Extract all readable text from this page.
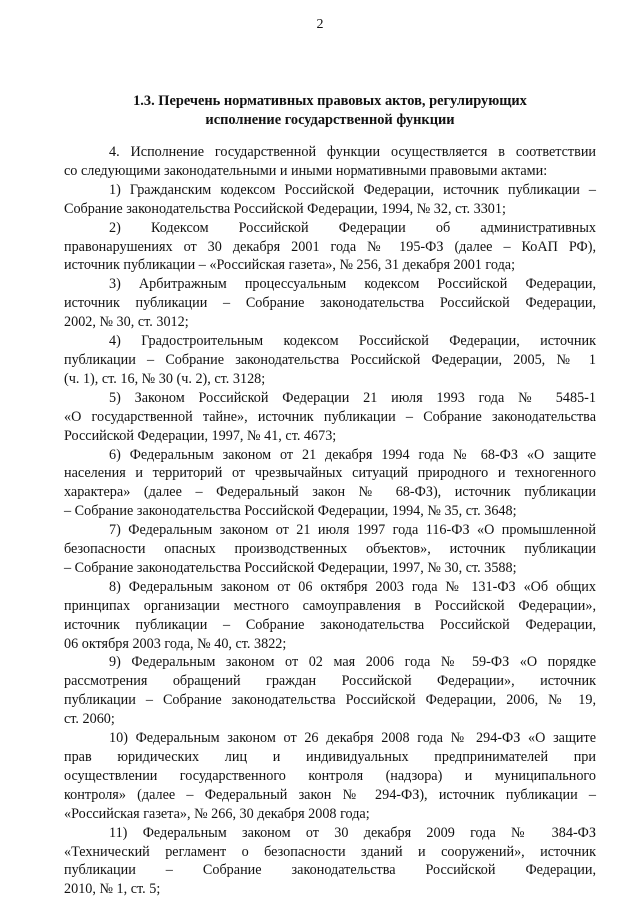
2
1.3. Перечень нормативных правовых актов, регулирующих
исполнение государственной функции

4. Исполнение государственной функции осуществляется в соответствии

со следующими законодательными и иными нормативными правовыми актами:

1) Гражданским кодексом Российской Федерации, источник публикации –

Собрание законодательства Российской Федерации, 1994, № 32, ст. 3301;

2) Кодексом Российской Федерации об административных

правонарушениях от 30 декабря 2001 года № 195-ФЗ (далее – КоАП РФ),

источник публикации – «Российская газета», № 256, 31 декабря 2001 года;

3) Арбитражным процессуальным кодексом Российской Федерации,

источник публикации – Собрание законодательства Российской Федерации,

2002, № 30, ст. 3012;

4) Градостроительным кодексом Российской Федерации, источник

публикации – Собрание законодательства Российской Федерации, 2005, № 1

(ч. 1), ст. 16, № 30 (ч. 2), ст. 3128;

5) Законом Российской Федерации 21 июля 1993 года № 5485-1

«О государственной тайне», источник публикации – Собрание законодательства

Российской Федерации, 1997, № 41, ст. 4673;

6) Федеральным законом от 21 декабря 1994 года № 68-ФЗ «О защите

населения и территорий от чрезвычайных ситуаций природного и техногенного

характера» (далее – Федеральный закон № 68-ФЗ), источник публикации

– Собрание законодательства Российской Федерации, 1994, № 35, ст. 3648;

7) Федеральным законом от 21 июля 1997 года 116-ФЗ «О промышленной

безопасности опасных производственных объектов», источник публикации

– Собрание законодательства Российской Федерации, 1997, № 30, ст. 3588;

8) Федеральным законом от 06 октября 2003 года № 131-ФЗ «Об общих

принципах организации местного самоуправления в Российской Федерации»,

источник публикации – Собрание законодательства Российской Федерации,

06 октября 2003 года, № 40, ст. 3822;

9) Федеральным законом от 02 мая 2006 года № 59-ФЗ «О порядке

рассмотрения обращений граждан Российской Федерации», источник

публикации – Собрание законодательства Российской Федерации, 2006, № 19,

ст. 2060;

10) Федеральным законом от 26 декабря 2008 года № 294-ФЗ «О защите

прав юридических лиц и индивидуальных предпринимателей при

осуществлении государственного контроля (надзора) и муниципального

контроля» (далее – Федеральный закон № 294-ФЗ), источник публикации –

«Российская газета», № 266, 30 декабря 2008 года;

11) Федеральным законом от 30 декабря 2009 года № 384-ФЗ

«Технический регламент о безопасности зданий и сооружений», источник

публикации – Собрание законодательства Российской Федерации,

2010, № 1, ст. 5;
